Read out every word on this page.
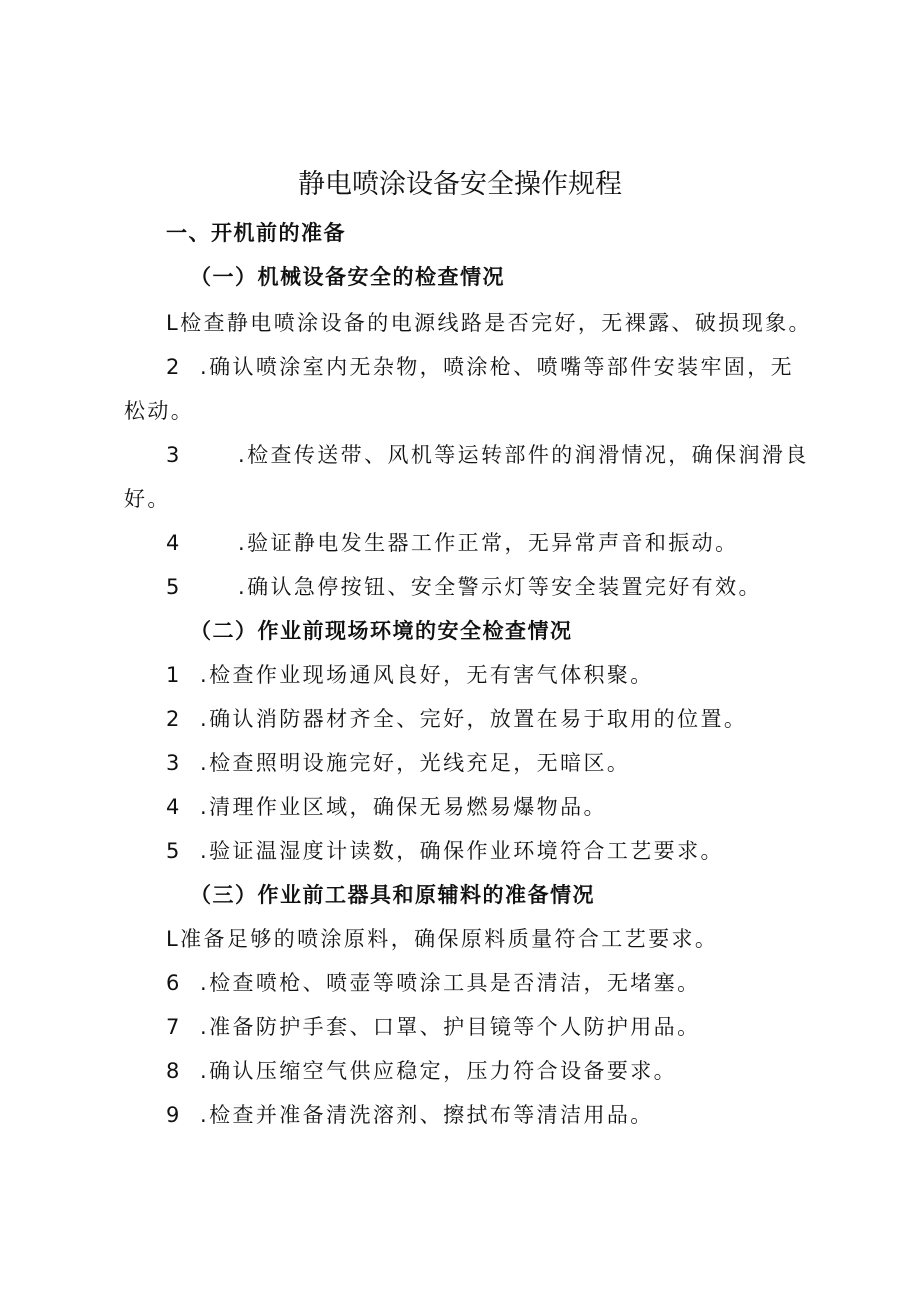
静电喷涂设备安全操作规程
一、开机前的准备
（一）机械设备安全的检查情况
L检查静电喷涂设备的电源线路是否完好，无裸露、破损现象。
2 .确认喷涂室内无杂物，喷涂枪、喷嘴等部件安装牢固，无
松动。
3	.检查传送带、风机等运转部件的润滑情况，确保润滑良
好。
4	.验证静电发生器工作正常，无异常声音和振动。
5	.确认急停按钮、安全警示灯等安全装置完好有效。
（二）作业前现场环境的安全检查情况
1 .检查作业现场通风良好，无有害气体积聚。
2 .确认消防器材齐全、完好，放置在易于取用的位置。
3 .检查照明设施完好，光线充足，无暗区。
4 .清理作业区域，确保无易燃易爆物品。
5 .验证温湿度计读数，确保作业环境符合工艺要求。
（三）作业前工器具和原辅料的准备情况
L准备足够的喷涂原料，确保原料质量符合工艺要求。
6 .检查喷枪、喷壶等喷涂工具是否清洁，无堵塞。
7 .准备防护手套、口罩、护目镜等个人防护用品。
8 .确认压缩空气供应稳定，压力符合设备要求。
9 .检查并准备清洗溶剂、擦拭布等清洁用品。
